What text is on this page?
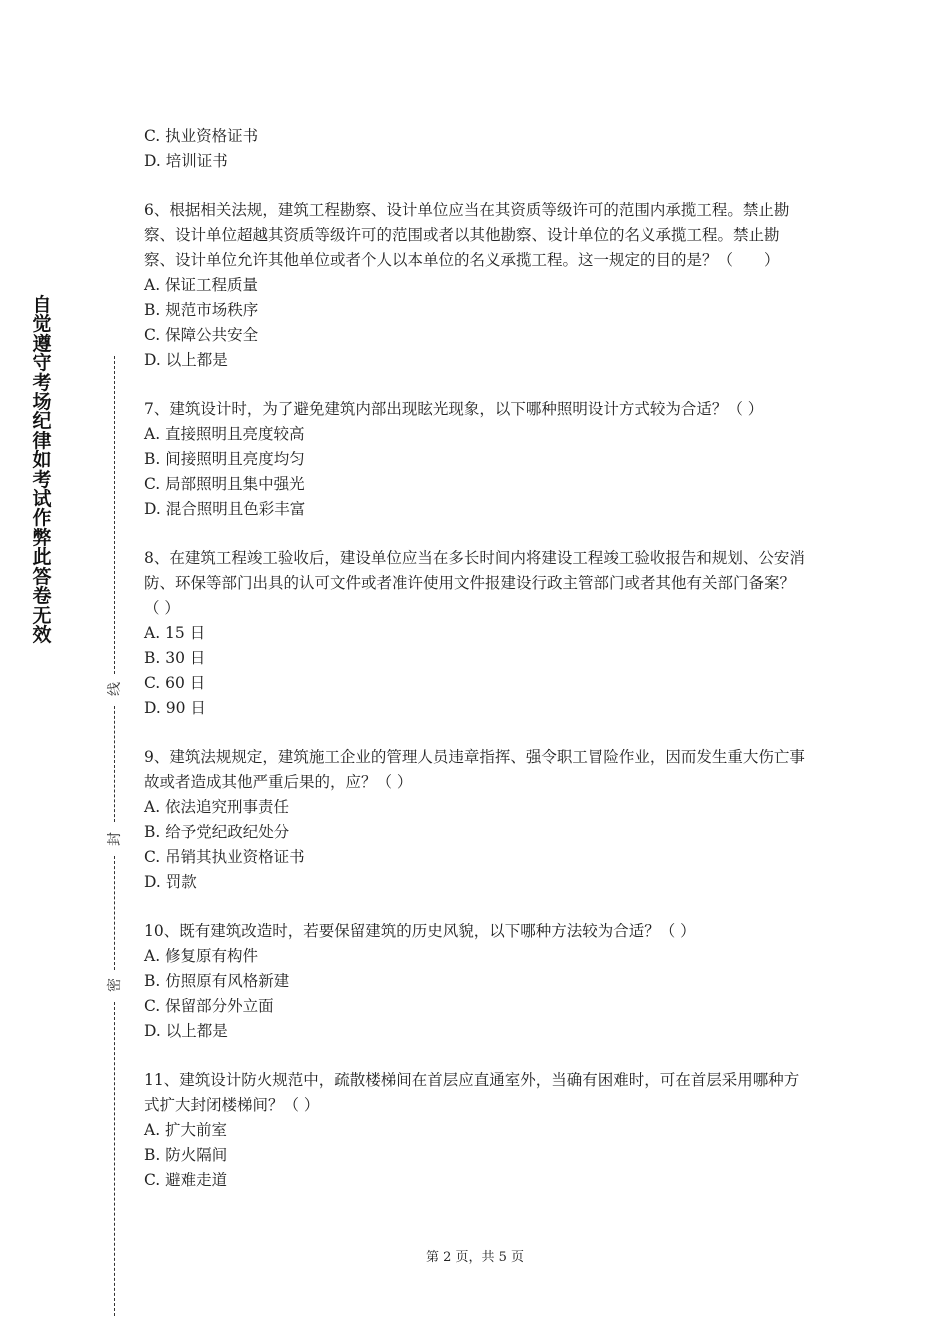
自觉遵守考场纪律如考试作弊此答卷无效
线
封
密

C. 执业资格证书

D. 培训证书

6、根据相关法规，建筑工程勘察、设计单位应当在其资质等级许可的范围内承揽工程。禁止勘察、设计单位超越其资质等级许可的范围或者以其他勘察、设计单位的名义承揽工程。禁止勘察、设计单位允许其他单位或者个人以本单位的名义承揽工程。这一规定的目的是？（　　）

A. 保证工程质量

B. 规范市场秩序

C. 保障公共安全

D. 以上都是

7、建筑设计时，为了避免建筑内部出现眩光现象，以下哪种照明设计方式较为合适？（ ）

A. 直接照明且亮度较高

B. 间接照明且亮度均匀

C. 局部照明且集中强光

D. 混合照明且色彩丰富

8、在建筑工程竣工验收后，建设单位应当在多长时间内将建设工程竣工验收报告和规划、公安消防、环保等部门出具的认可文件或者准许使用文件报建设行政主管部门或者其他有关部门备案？（ ）

A. 15 日

B. 30 日

C. 60 日

D. 90 日

9、建筑法规规定，建筑施工企业的管理人员违章指挥、强令职工冒险作业，因而发生重大伤亡事故或者造成其他严重后果的，应？（ ）

A. 依法追究刑事责任

B. 给予党纪政纪处分

C. 吊销其执业资格证书

D. 罚款

10、既有建筑改造时，若要保留建筑的历史风貌，以下哪种方法较为合适？（ ）

A. 修复原有构件

B. 仿照原有风格新建

C. 保留部分外立面

D. 以上都是

11、建筑设计防火规范中，疏散楼梯间在首层应直通室外，当确有困难时，可在首层采用哪种方式扩大封闭楼梯间？（ ）

A. 扩大前室

B. 防火隔间

C. 避难走道

第 2 页，共 5 页
